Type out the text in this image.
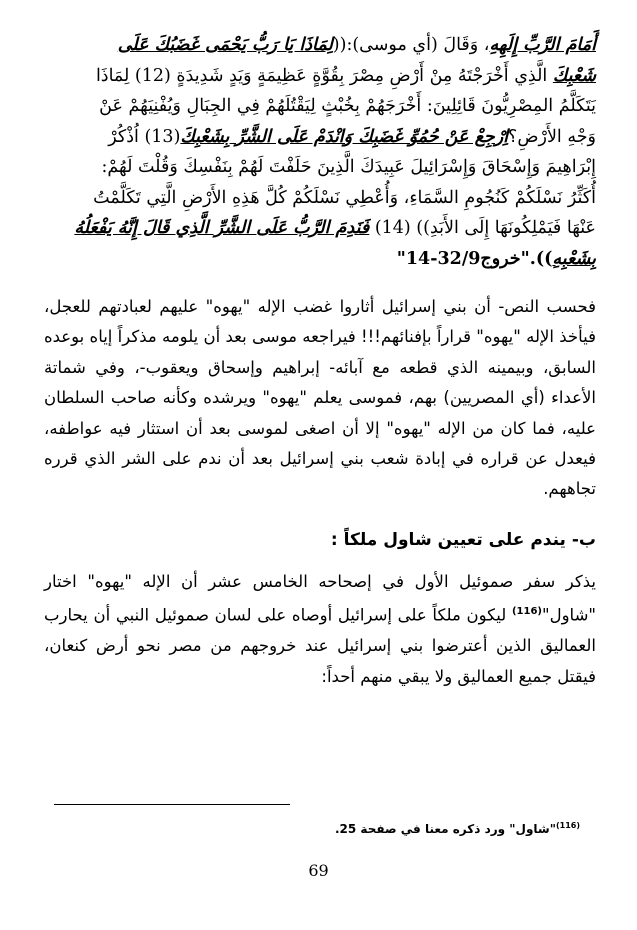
أَمَامَ الرَّبِّ إِلَهِهِ، وَقَالَ (أي موسى):((لِمَاذَا يَا رَبُّ يَحْمَى غَضَبُكَ عَلَى
شَعْبِكَ الَّذِي أَخْرَجْتَهُ مِنْ أَرْضِ مِصْرَ بِقُوَّةٍ عَظِيمَةٍ وَيَدٍ شَدِيدَةٍ (12) لِمَاذَا
يَتَكَلَّمُ المِصْرِيُّونَ قَائِلِينَ: أَخْرَجَهُمْ بِخُبْثٍ لِيَقْتُلَهُمْ فِي الجِبَالِ وَيُفْنِيَهُمْ عَنْ
وَجْهِ الأَرْضِ؟اِرْجِعْ عَنْ حُمُوِّ غَضَبِكَ وَانْدَمْ عَلَى الشَّرِّ بِشَعْبِكَ(13) اُذْكُرْ
إِبْرَاهِيمَ وَإِسْحَاقَ وَإِسْرَائِيلَ عَبِيدَكَ الَّذِينَ حَلَفْتَ لَهُمْ بِنَفْسِكَ وَقُلْتَ لَهُمْ:
أُكَثِّرُ نَسْلَكُمْ كَنُجُومِ السَّمَاءِ، وَأُعْطِي نَسْلَكُمْ كُلَّ هَذِهِ الأَرْضِ الَّتِي تَكَلَّمْتُ
عَنْهَا فَيَمْلِكُونَهَا إِلَى الأَبَدِ)) (14) فَنَدِمَ الرَّبُّ عَلَى الشَّرِّ الَّذِي قَالَ إِنَّهُ يَفْعَلُهُ
بِشَعْبِهِ))."خروج32/9-14"

فحسب النص- أن بني إسرائيل أثاروا غضب الإله "يهوه" عليهم لعبادتهم للعجل، فيأخذ الإله "يهوه" قراراً بإفنائهم!!! فيراجعه موسى بعد أن يلومه مذكراً إياه بوعده السابق، وبيمينه الذي قطعه مع آبائه- إبراهيم وإسحاق ويعقوب-، وفي شماتة الأعداء (أي المصريين) بهم، فموسى يعلم "يهوه" ويرشده وكأنه صاحب السلطان عليه، فما كان من الإله "يهوه" إلا أن اصغى لموسى بعد أن استثار فيه عواطفه، فيعدل عن قراره في إبادة شعب بني إسرائيل بعد أن ندم على الشر الذي قرره تجاههم.

ب- يندم على تعيين شاول ملكاً :

يذكر سفر صموئيل الأول في إصحاحه الخامس عشر أن الإله "يهوه" اختار "شاول"$^{(116)}$ ليكون ملكاً على إسرائيل أوصاه على لسان صموئيل النبي أن يحارب العماليق الذين أعترضوا بني إسرائيل عند خروجهم من مصر نحو أرض كنعان، فيقتل جميع العماليق ولا يبقي منهم أحداً:

$^{(116)}$"شاول" ورد ذكره معنا في صفحة 25.
69
